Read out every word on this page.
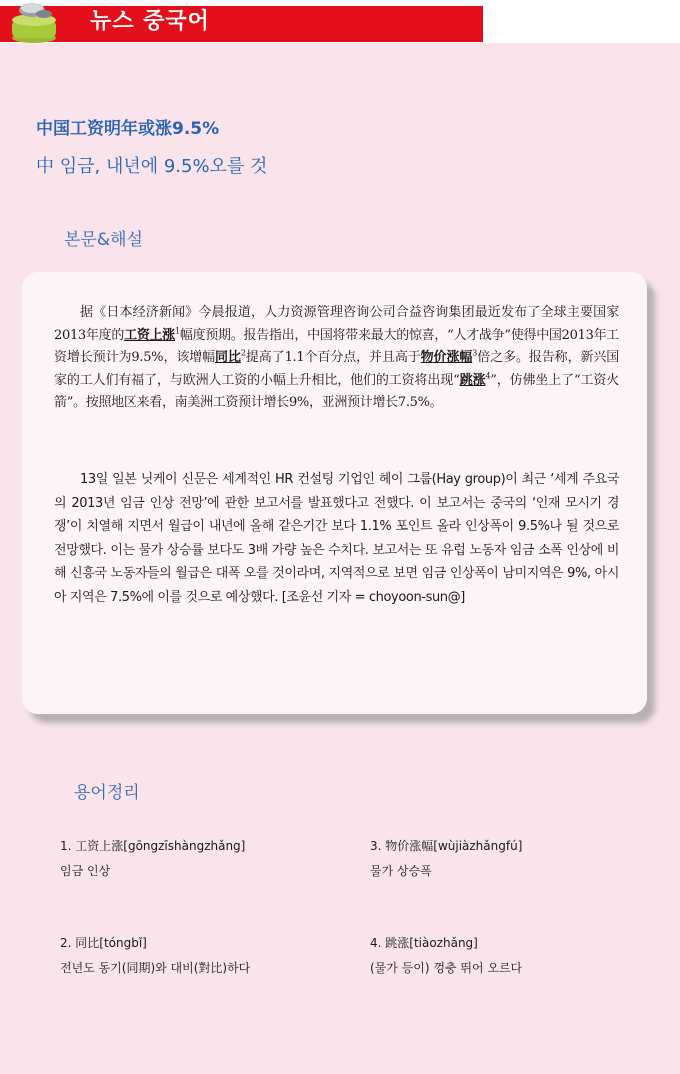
뉴스 중국어
中国工资明年或涨9.5%
中 임금, 내년에 9.5%오를 것
본문&해설
据《日本经济新闻》今晨报道，人力资源管理咨询公司合益咨询集团最近发布了全球主要国家2013年度的工资上涨$^1$幅度预期。报告指出，中国将带来最大的惊喜，“人才战争”使得中国2013年工资增长预计为9.5%，该增幅同比$^2$提高了1.1个百分点，并且高于物价涨幅$^3$倍之多。报告称，新兴国家的工人们有福了，与欧洲人工资的小幅上升相比，他们的工资将出现“跳涨$^4$”，仿佛坐上了“工资火箭”。按照地区来看，南美洲工资预计增长9%，亚洲预计增长7.5%。
13일 일본 닛케이 신문은 세계적인 HR 컨설팅 기업인 헤이 그룹(Hay group)이 최근 ‘세계 주요국의 2013년 임금 인상 전망’에 관한 보고서를 발표했다고 전했다. 이 보고서는 중국의 ‘인재 모시기 경쟁’이 치열해 지면서 월급이 내년에 올해 같은기간 보다 1.1% 포인트 올라 인상폭이 9.5%나 될 것으로 전망했다. 이는 물가 상승률 보다도 3배 가량 높은 수치다. 보고서는 또 유럽 노동자 임금 소폭 인상에 비해 신흥국 노동자들의 월급은 대폭 오를 것이라며, 지역적으로 보면 임금 인상폭이 남미지역은 9%, 아시아 지역은 7.5%에 이를 것으로 예상했다. [조윤선 기자 = choyoon-sun@]
용어정리
1. 工资上涨[gōngzīshàngzhǎng]
임금 인상
3. 物价涨幅[wùjiàzhǎngfú]
물가 상승폭
2. 同比[tóngbǐ]
전년도 동기(同期)와 대비(對比)하다
4. 跳涨[tiàozhǎng]
(물가 등이) 껑충 뛰어 오르다
